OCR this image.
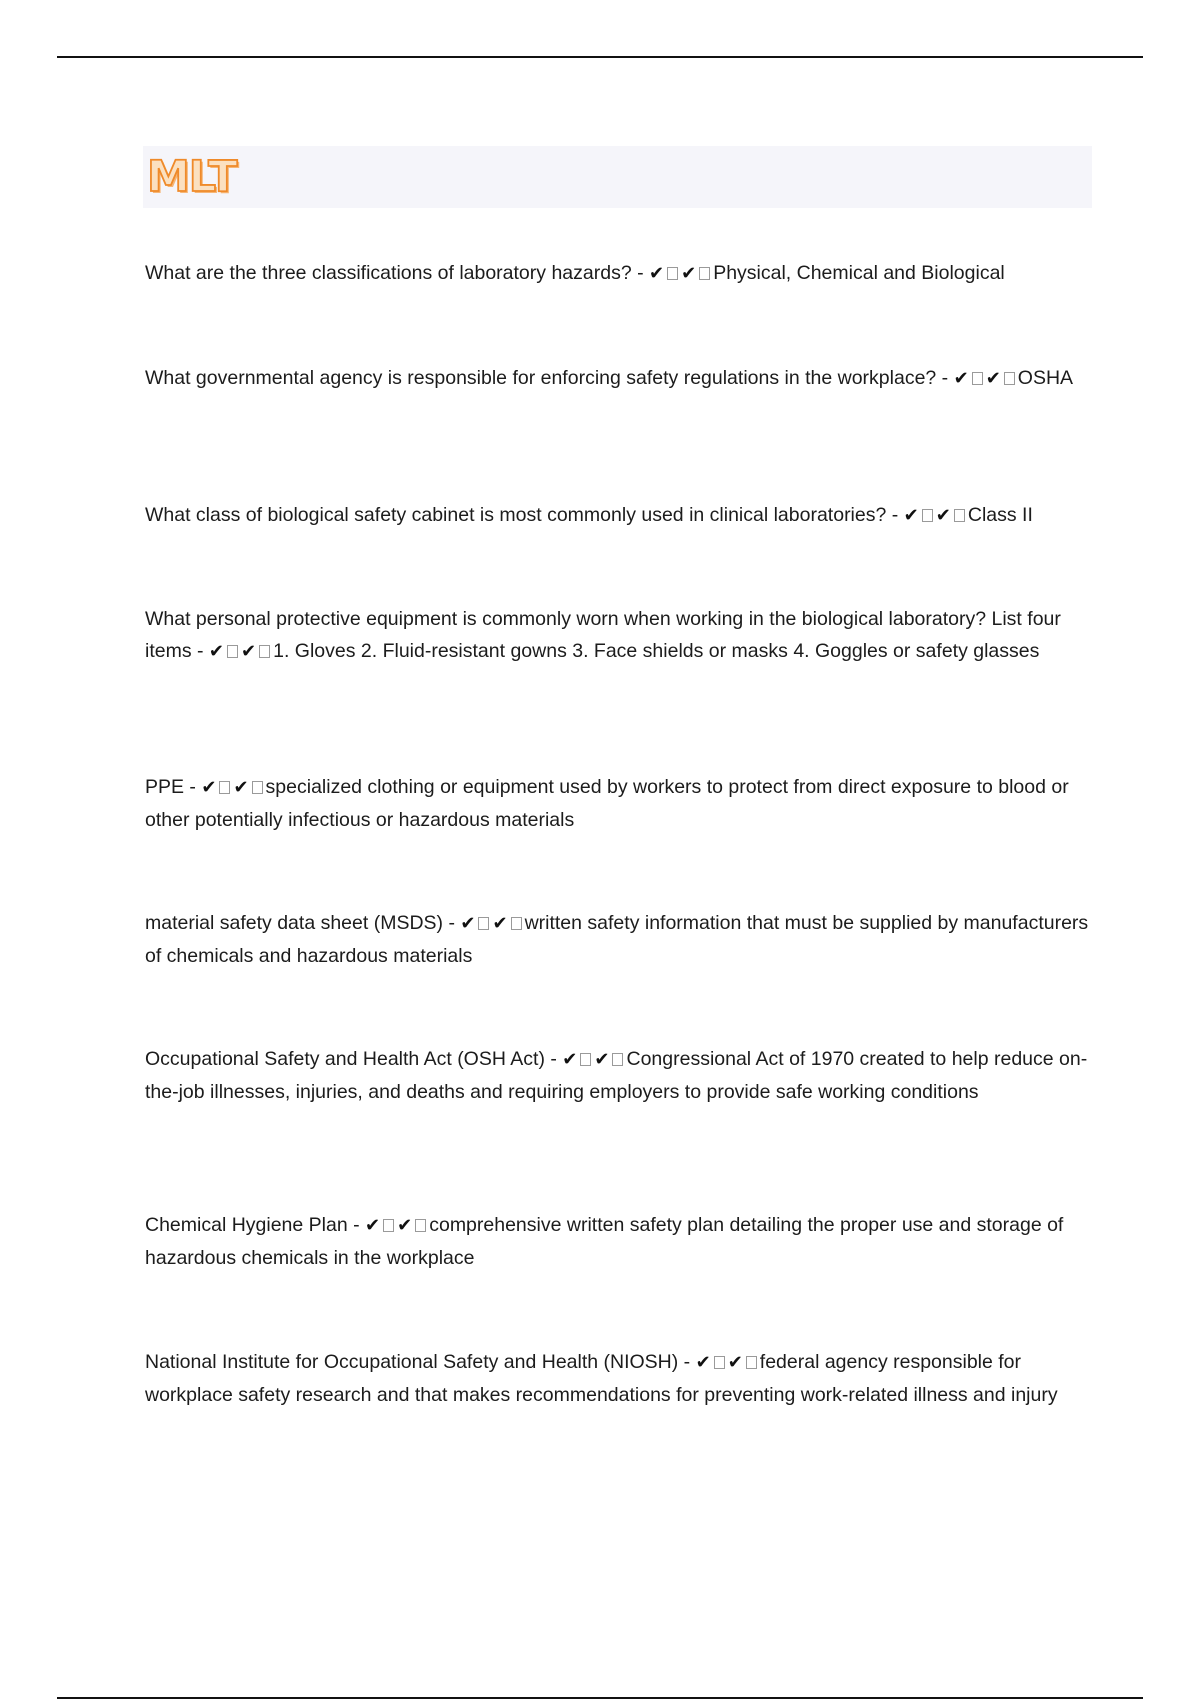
MLT

What are the three classifications of laboratory hazards? - ✔ ✔ Physical, Chemical and Biological

What governmental agency is responsible for enforcing safety regulations in the workplace? - ✔ ✔ OSHA

What class of biological safety cabinet is most commonly used in clinical laboratories? - ✔ ✔ Class II

What personal protective equipment is commonly worn when working in the biological laboratory? List four items - ✔ ✔ 1. Gloves 2. Fluid-resistant gowns 3. Face shields or masks 4. Goggles or safety glasses

PPE - ✔ ✔ specialized clothing or equipment used by workers to protect from direct exposure to blood or other potentially infectious or hazardous materials

material safety data sheet (MSDS) - ✔ ✔ written safety information that must be supplied by manufacturers of chemicals and hazardous materials

Occupational Safety and Health Act (OSH Act) - ✔ ✔ Congressional Act of 1970 created to help reduce on-the-job illnesses, injuries, and deaths and requiring employers to provide safe working conditions

Chemical Hygiene Plan - ✔ ✔ comprehensive written safety plan detailing the proper use and storage of hazardous chemicals in the workplace

National Institute for Occupational Safety and Health (NIOSH) - ✔ ✔ federal agency responsible for workplace safety research and that makes recommendations for preventing work-related illness and injury
